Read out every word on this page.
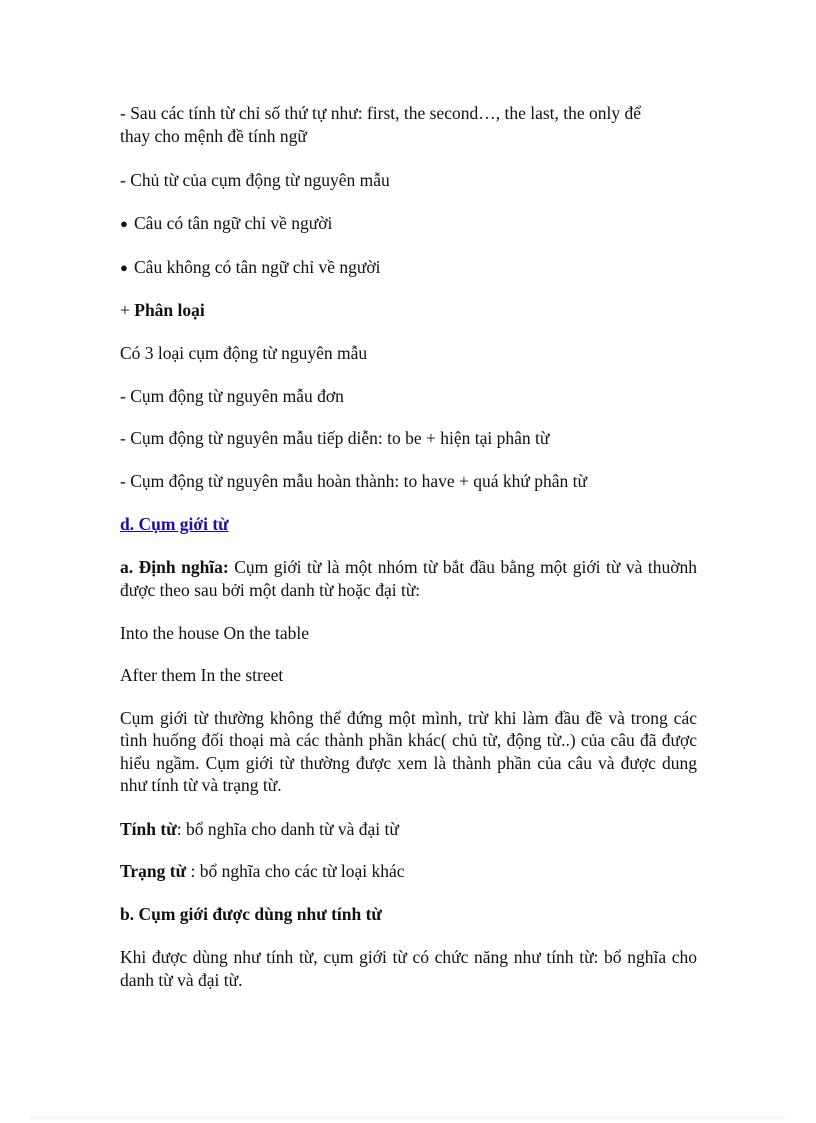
- Sau các tính từ chỉ số thứ tự như: first, the second…, the last, the only để

thay cho mệnh đề tính ngữ

- Chủ từ của cụm động từ nguyên mẫu

● Câu có tân ngữ chỉ về người

● Câu không có tân ngữ chỉ về người

+ Phân loại

Có 3 loại cụm động từ nguyên mẫu

- Cụm động từ nguyên mẫu đơn

- Cụm động từ nguyên mẫu tiếp diễn: to be + hiện tại phân từ

- Cụm động từ nguyên mẫu hoàn thành: to have + quá khứ phân từ

d. Cụm giới từ

a. Định nghĩa: Cụm giới từ là một nhóm từ bắt đầu bằng một giới từ và thuờnh được theo sau bởi một danh từ hoặc đại từ:

Into the house On the table

After them In the street

Cụm giới từ thường không thể đứng một mình, trừ khi làm đầu đề và trong các tình huống đối thoại mà các thành phần khác( chủ từ, động từ..) của câu đã được hiểu ngầm. Cụm giới từ thường được xem là thành phần của câu và được dung như tính từ và trạng từ.

Tính từ: bổ nghĩa cho danh từ và đại từ

Trạng từ : bổ nghĩa cho các từ loại khác

b. Cụm giới được dùng như tính từ

Khi được dùng như tính từ, cụm giới từ có chức năng như tính từ: bổ nghĩa cho danh từ và đại từ.
